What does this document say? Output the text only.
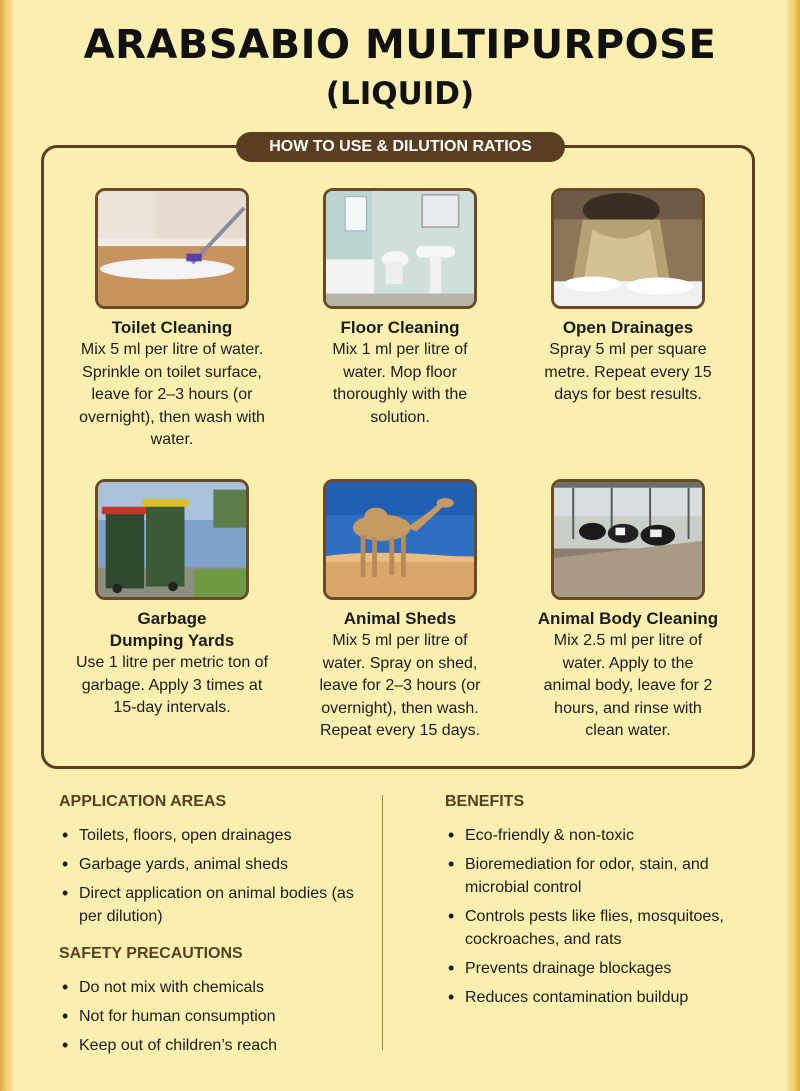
ARABSABIO MULTIPURPOSE
(LIQUID)
HOW TO USE & DILUTION RATIOS
Toilet Cleaning
Mix 5 ml per litre of water. Sprinkle on toilet surface, leave for 2–3 hours (or overnight), then wash with water.
Floor Cleaning
Mix 1 ml per litre of water. Mop floor thoroughly with the solution.
Open Drainages
Spray 5 ml per square metre. Repeat every 15 days for best results.
Garbage Dumping Yards
Use 1 litre per metric ton of garbage. Apply 3 times at 15-day intervals.
Animal Sheds
Mix 5 ml per litre of water. Spray on shed, leave for 2–3 hours (or overnight), then wash. Repeat every 15 days.
Animal Body Cleaning
Mix 2.5 ml per litre of water. Apply to the animal body, leave for 2 hours, and rinse with clean water.
APPLICATION AREAS
• Toilets, floors, open drainages
• Garbage yards, animal sheds
• Direct application on animal bodies (as per dilution)
SAFETY PRECAUTIONS
• Do not mix with chemicals
• Not for human consumption
• Keep out of children’s reach
BENEFITS
• Eco-friendly & non-toxic
• Bioremediation for odor, stain, and microbial control
• Controls pests like flies, mosquitoes, cockroaches, and rats
• Prevents drainage blockages
• Reduces contamination buildup
